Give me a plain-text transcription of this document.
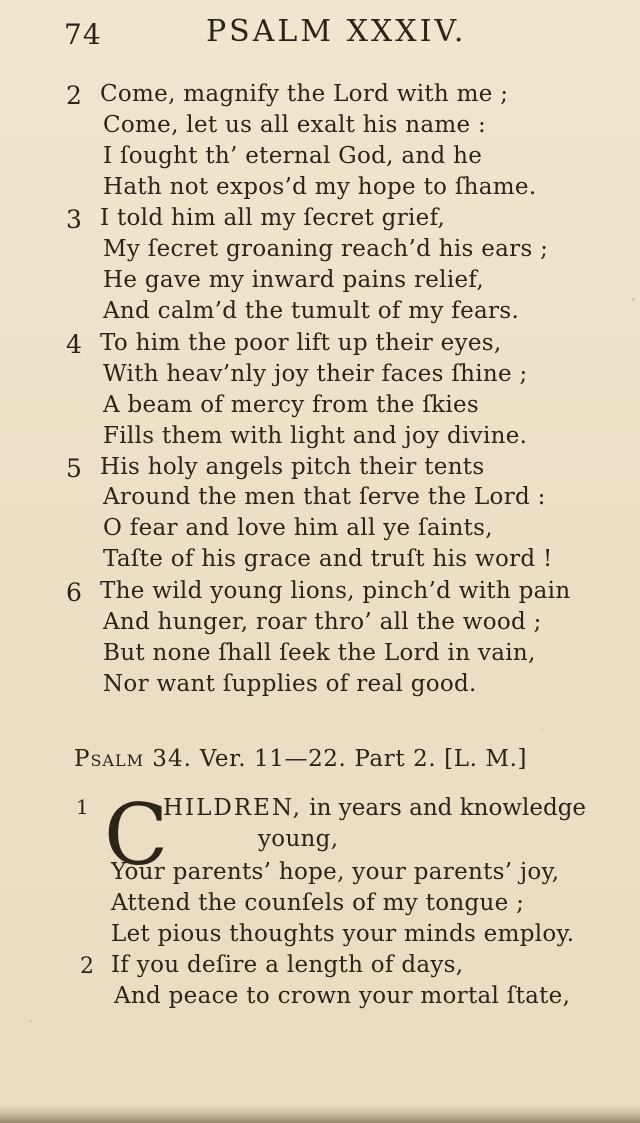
74	PSALM XXXIV.
2 Come, magnify the Lord with me ;
Come, let us all exalt his name :
I ſought th’ eternal God, and he
Hath not expos’d my hope to ſhame.
3 I told him all my ſecret grief,
My ſecret groaning reach’d his ears ;
He gave my inward pains relief,
And calm’d the tumult of my fears.
4 To him the poor lift up their eyes,
With heav’nly joy their faces ſhine ;
A beam of mercy from the ſkies
Fills them with light and joy divine.
5 His holy angels pitch their tents
Around the men that ſerve the Lord :
O fear and love him all ye ſaints,
Taſte of his grace and truſt his word !
6 The wild young lions, pinch’d with pain
And hunger, roar thro’ all the wood ;
But none ſhall ſeek the Lord in vain,
Nor want ſupplies of real good.
Psalm 34. Ver. 11—22. Part 2. [L. M.]
1 C
HILDREN, in years and knowledge
young,
Your parents’ hope, your parents’ joy,
Attend the counſels of my tongue ;
Let pious thoughts your minds employ.
2 If you deſire a length of days,
And peace to crown your mortal ſtate,
